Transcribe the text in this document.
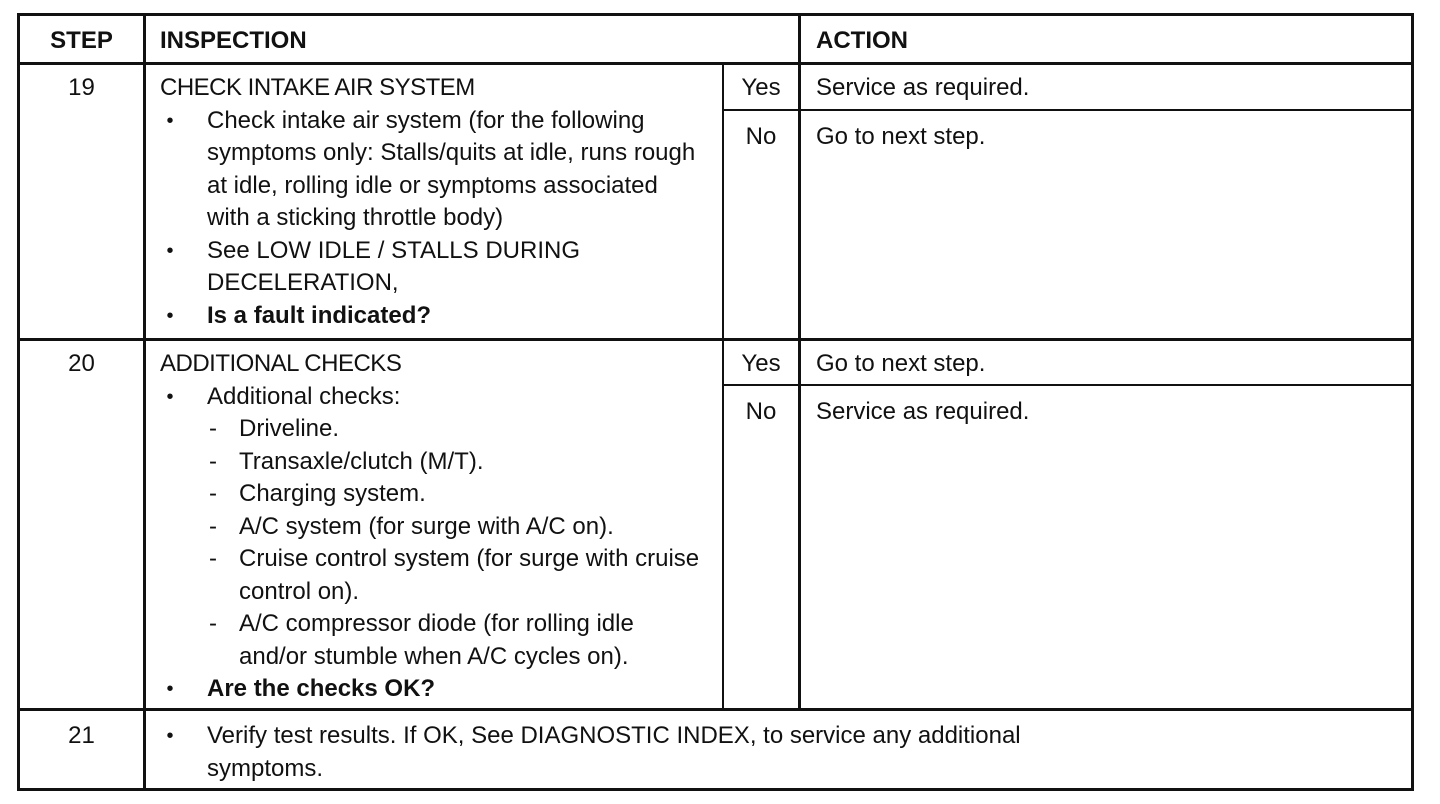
STEP	INSPECTION	ACTION
19	CHECK INTAKE AIR SYSTEM
• Check intake air system (for the following symptoms only: Stalls/quits at idle, runs rough at idle, rolling idle or symptoms associated with a sticking throttle body)
• See LOW IDLE / STALLS DURING DECELERATION,
• Is a fault indicated?
Yes	Service as required.
No	Go to next step.
20	ADDITIONAL CHECKS
• Additional checks:
- Driveline.
- Transaxle/clutch (M/T).
- Charging system.
- A/C system (for surge with A/C on).
- Cruise control system (for surge with cruise control on).
- A/C compressor diode (for rolling idle and/or stumble when A/C cycles on).
• Are the checks OK?
Yes	Go to next step.
No	Service as required.
21	• Verify test results. If OK, See DIAGNOSTIC INDEX, to service any additional symptoms.
